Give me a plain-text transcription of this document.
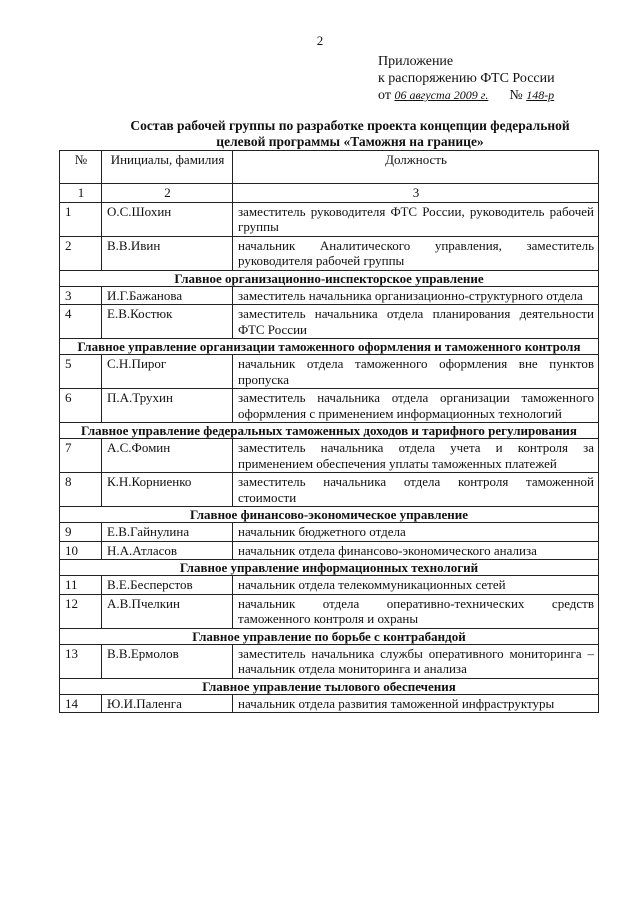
2
Приложение
к распоряжению ФТС России
от 06 августа 2009 г. № 148-р
Состав рабочей группы по разработке проекта концепции федеральной
целевой программы «Таможня на границе»
№	Инициалы, фамилия	Должность
1	2	3
1	О.С.Шохин	заместитель руководителя ФТС России, руководитель рабочей группы
2	В.В.Ивин	начальник Аналитического управления, заместитель руководителя рабочей группы
Главное организационно-инспекторское управление		
3	И.Г.Бажанова	заместитель начальника организационно-структурного отдела
4	Е.В.Костюк	заместитель начальника отдела планирования деятельности ФТС России
Главное управление организации таможенного оформления и таможенного контроля		
5	С.Н.Пирог	начальник отдела таможенного оформления вне пунктов пропуска
6	П.А.Трухин	заместитель начальника отдела организации таможенного оформления с применением информационных технологий
Главное управление федеральных таможенных доходов и тарифного регулирования		
7	А.С.Фомин	заместитель начальника отдела учета и контроля за применением обеспечения уплаты таможенных платежей
8	К.Н.Корниенко	заместитель начальника отдела контроля таможенной стоимости
Главное финансово-экономическое управление		
9	Е.В.Гайнулина	начальник бюджетного отдела
10	Н.А.Атласов	начальник отдела финансово-экономического анализа
Главное управление информационных технологий		
11	В.Е.Бесперстов	начальник отдела телекоммуникационных сетей
12	А.В.Пчелкин	начальник отдела оперативно-технических средств таможенного контроля и охраны
Главное управление по борьбе с контрабандой		
13	В.В.Ермолов	заместитель начальника службы оперативного мониторинга – начальник отдела мониторинга и анализа
Главное управление тылового обеспечения		
14	Ю.И.Паленга	начальник отдела развития таможенной инфраструктуры
